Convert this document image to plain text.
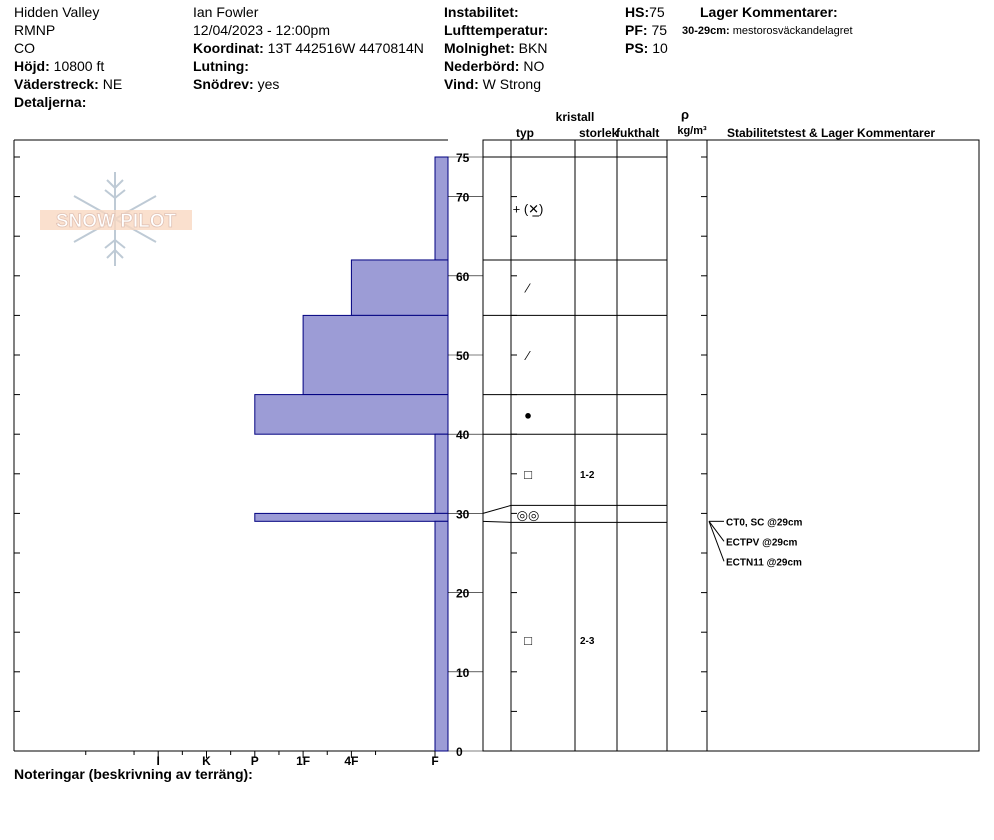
Hidden Valley
RMNP
CO
Höjd: 10800 ft
Väderstreck: NE
Detaljerna:
Ian Fowler
12/04/2023 - 12:00pm
Koordinat: 13T 442516W 4470814N
Lutning:
Snödrev: yes
Instabilitet:
Lufttemperatur:
Molnighet: BKN
Nederbörd: NO
Vind: W Strong
HS:75
PF: 75
PS: 10
Lager Kommentarer:
30-29cm: mestorosväckandelagret
SNOW PILOT
I	K	P	1F	4F	F
0
10
20
30
40
50
60
70
75
+ (✕̲)
⁄
⁄
●
□	1-2
◎◎
□	2-3
CT0, SC @29cm
ECTPV @29cm
ECTN11 @29cm
kristall
typ	storlek
fukthalt
ρ
kg/m³ Stabilitetstest & Lager Kommentarer
Noteringar (beskrivning av terräng):
